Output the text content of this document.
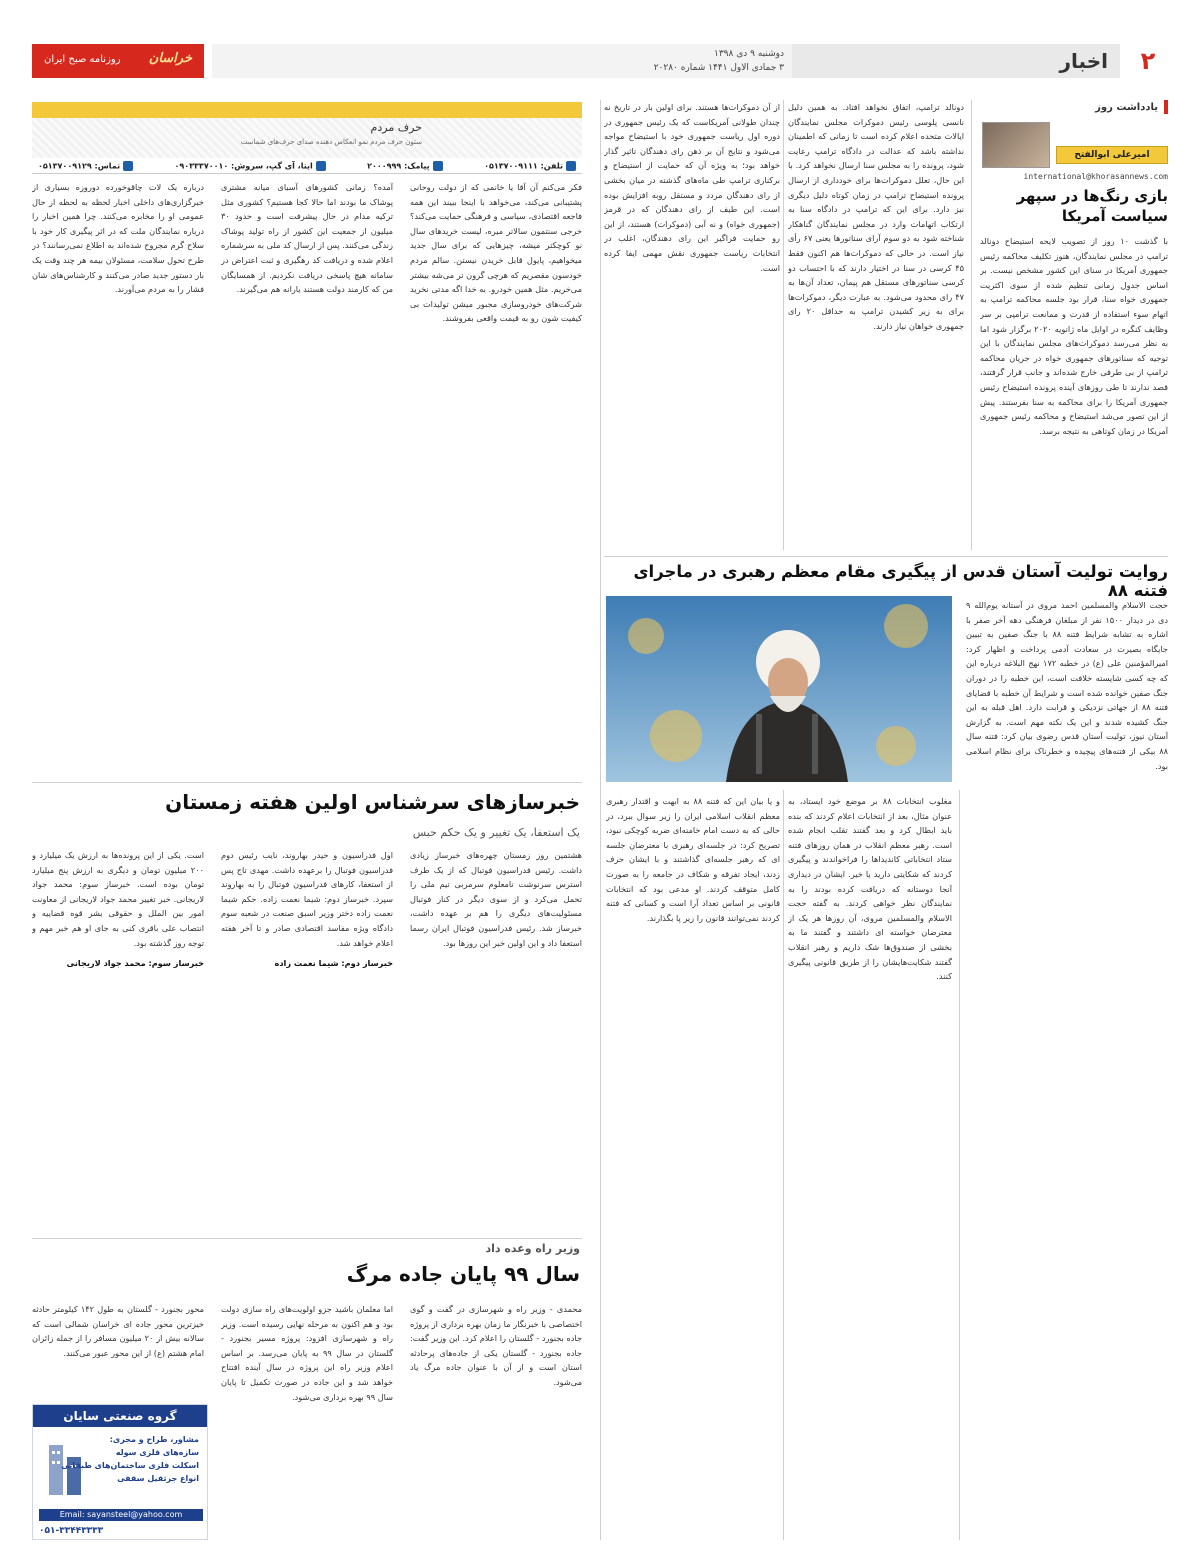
۲
اخبار
دوشنبه ۹ دی ۱۳۹۸
۳ جمادی الاول ۱۴۴۱ شماره ۲۰۲۸۰
خراسان
روزنامه صبح ایران
یادداشت روز
امیرعلی ابوالفتح
international@khorasannews.com
بازی رنگ‌ها در سپهر سیاست آمریکا

با گذشت ۱۰ روز از تصویب لایحه استیضاح دونالد ترامپ در مجلس نمایندگان، هنوز تکلیف محاکمه رئیس جمهوری آمریکا در سنای این کشور مشخص نیست. بر اساس جدول زمانی تنظیم شده از سوی اکثریت جمهوری خواه سنا، قرار بود جلسه محاکمه ترامپ به اتهام سوء استفاده از قدرت و ممانعت ترامپی بر سر وظایف کنگره در اوایل ماه ژانویه ۲۰۲۰ برگزار شود اما به نظر می‌رسد دموکرات‌های مجلس نمایندگان با این توجیه که سناتورهای جمهوری خواه در جریان محاکمه ترامپ از بی طرفی خارج شده‌اند و جانب قرار گرفتند، قصد ندارند تا طی روزهای آینده پرونده استیضاح رئیس جمهوری آمریکا را برای محاکمه به سنا بفرستند. پیش از این تصور می‌شد استیضاح و محاکمه رئیس جمهوری آمریکا در زمان کوتاهی به نتیجه برسد.

دونالد ترامپ، اتفاق نخواهد افتاد. به همین دلیل نانسی پلوسی رئیس دموکرات مجلس نمایندگان ایالات متحده اعلام کرده است تا زمانی که اطمینان نداشته باشد که عدالت در دادگاه ترامپ رعایت شود، پرونده را به مجلس سنا ارسال نخواهد کرد. با این حال، تعلل دموکرات‌ها برای خودداری از ارسال پرونده استیضاح ترامپ در زمان کوتاه دلیل دیگری نیز دارد. برای این که ترامپ در دادگاه سنا به ارتکاب اتهامات وارد در مجلس نمایندگان گناهکار شناخته شود به دو سوم آرای سناتورها یعنی ۶۷ رأی نیاز است. در حالی که دموکرات‌ها هم اکنون فقط ۴۵ کرسی در سنا در اختیار دارند که با احتساب دو کرسی سناتورهای مستقل هم پیمان، تعداد آن‌ها به ۴۷ رای محدود می‌شود. به عبارت دیگر، دموکرات‌ها برای به زیر کشیدن ترامپ به حداقل ۲۰ رای جمهوری خواهان نیاز دارند.

از آن دموکرات‌ها هستند. برای اولین بار در تاریخ نه چندان طولانی آمریکاست که یک رئیس جمهوری در دوره اول ریاست جمهوری خود با استیضاح مواجه می‌شود و نتایج آن بر ذهن رای دهندگان تاثیر گذار خواهد بود؛ به ویژه آن که حمایت از استیضاح و برکناری ترامپ طی ماه‌های گذشته در میان بخشی از رای دهندگان مردد و مستقل روبه افزایش بوده است. این طیف از رای دهندگان که در قرمز (جمهوری خواه) و نه آبی (دموکرات) هستند، از این رو حمایت فراگیر این رای دهندگان، اغلب در انتخابات ریاست جمهوری نقش مهمی ایفا کرده است.

حرف مردم
ستون حرف مردم نمو انعکاس دهنده صدای حرف‌های شماست
تلفن: ۰۵۱۳۷۰۰۹۱۱۱
پیامک: ۲۰۰۰۹۹۹
ایتا، آی گپ، سروش: ۰۹۰۳۳۳۷۰۰۱۰
تماس: ۰۵۱۳۷۰۰۹۱۲۹

فکر می‌کنم آن آقا یا خانمی که از دولت روحانی پشتیبانی می‌کند، می‌خواهد با اینجا ببیند این همه فاجعه اقتصادی، سیاسی و فرهنگی حمایت می‌کند؟ خرجی سنتمون سالاتر میره، لیست خریدهای سال نو کوچکتر میشه، چیزهایی که برای سال جدید میخواهیم، پایول قابل خریدن نیستن. سالم مردم خودسون مقصریم که هرچی گرون تر می‌شه بیشتر می‌خریم. مثل همین خودرو. به خدا اگه مدتی نخرید شرکت‌های خودروسازی مجبور میشن تولیدات بی کیفیت شون رو به قیمت واقعی بفروشند.

آمده؟ زمانی کشورهای آسیای میانه مشتری پوشاک ما بودند اما حالا کجا هستیم؟ کشوری مثل ترکیه مدام در حال پیشرفت است و حدود ۳۰ میلیون از جمعیت این کشور از راه تولید پوشاک زندگی می‌کنند. پس از ارسال کد ملی به سرشماره اعلام شده و دریافت کد رهگیری و ثبت اعتراض در سامانه هیچ پاسخی دریافت نکردیم. از همسایگان من که کارمند دولت هستند یارانه هم می‌گیرند.

درباره یک لات چاقوخورده دوروزه بسیاری از خبرگزاری‌های داخلی اخبار لحظه به لحظه از حال عمومی او را مخابره می‌کنند. چرا همین اخبار را درباره نمایندگان ملت که در اثر پیگیری کار خود با سلاح گرم مجروح شده‌اند به اطلاع نمی‌رسانند؟ در طرح تحول سلامت، مسئولان بیمه هر چند وقت یک بار دستور جدید صادر می‌کنند و کارشناس‌های شان فشار را به مردم می‌آورند.

روایت تولیت آستان قدس از پیگیری مقام معظم رهبری در ماجرای فتنه ۸۸

حجت الاسلام والمسلمین احمد مروی در آستانه یوم‌الله ۹ دی در دیدار ۱۵۰۰ نفر از مبلغان فرهنگی دهه آخر صفر با اشاره به تشابه شرایط فتنه ۸۸ با جنگ صفین به تبیین جایگاه بصیرت در سعادت آدمی پرداخت و اظهار کرد: امیرالمؤمنین علی (ع) در خطبه ۱۷۲ نهج البلاغه درباره این که چه کسی شایسته خلافت است، این خطبه را در دوران جنگ صفین خوانده شده است و شرایط آن خطبه با قضایای فتنه ۸۸ از جهاتی نزدیکی و قرابت دارد. اهل قبله به این جنگ کشیده شدند و این یک نکته مهم است. به گزارش آستان نیوز، تولیت آستان قدس رضوی بیان کرد: فتنه سال ۸۸ بیکی از فتنه‌های پیچیده و خطرناک برای نظام اسلامی بود.

مغلوب انتخابات ۸۸ بر موضع خود ایستاد، به عنوان مثال، بعد از انتخابات اعلام کردند که بنده باید ابطال کرد و بعد گفتند تقلب انجام شده است. رهبر معظم انقلاب در همان روزهای فتنه ستاد انتخاباتی کاندیداها را فراخواندند و پیگیری کردند که شکایتی دارید یا خیر. ایشان در دیداری آنجا دوستانه که دریافت کرده بودند را به نمایندگان نظر خواهی کردند. به گفته حجت الاسلام والمسلمین مروی، آن روزها هر یک از معترضان خواسته ای داشتند و گفتند ما به بخشی از صندوق‌ها شک داریم و رهبر انقلاب گفتند شکایت‌هایشان را از طریق قانونی پیگیری کنند.

و یا بیان این که فتنه ۸۸ به ابهت و اقتدار رهبری معظم انقلاب اسلامی ایران را زیر سوال ببرد، در حالی که به دست امام خامنه‌ای ضربه کوچکی نبود، تصریح کرد: در جلسه‌ای رهبری با معترضان جلسه ای که رهبر جلسه‌ای گذاشتند و با ایشان حرف زدند، ایجاد تفرقه و شکاف در جامعه را به صورت کامل متوقف کردند. او مدعی بود که انتخابات قانونی بر اساس تعداد آرا است و کسانی که فتنه کردند نمی‌توانند قانون را زیر پا بگذارند.

خبرسازهای سرشناس اولین هفته زمستان
یک استعفا، یک تغییر و یک حکم حبس

هشتمین روز زمستان چهره‌های خبرساز زیادی داشت. رئیس فدراسیون فوتبال که از یک طرف استرس سرنوشت نامعلوم سرمربی تیم ملی را تحمل می‌کرد و از سوی دیگر در کنار فوتبال مسئولیت‌های دیگری را هم بر عهده داشت، خبرساز شد. رئیس فدراسیون فوتبال ایران رسما استعفا داد و این اولین خبر این روزها بود.

اول فدراسیون و حیدر بهاروند، نایب رئیس دوم فدراسیون فوتبال را برعهده داشت. مهدی تاج پس از استعفا، کارهای فدراسیون فوتبال را به بهاروند سپرد. خبرساز دوم: شیما نعمت زاده. حکم شیما نعمت زاده دختر وزیر اسبق صنعت در شعبه سوم دادگاه ویژه مفاسد اقتصادی صادر و تا آخر هفته اعلام خواهد شد.

خبرساز دوم: شیما نعمت زاده

است. یکی از این پرونده‌ها به ارزش یک میلیارد و ۲۰۰ میلیون تومان و دیگری به ارزش پنج میلیارد تومان بوده است. خبرساز سوم: محمد جواد لاریجانی. خبر تغییر محمد جواد لاریجانی از معاونت امور بین الملل و حقوقی بشر قوه قضاییه و انتصاب علی باقری کنی به جای او هم خبر مهم و توجه روز گذشته بود.

خبرساز سوم: محمد جواد لاریجانی

وزیر راه وعده داد
سال ۹۹ پایان جاده مرگ

محمدی - وزیر راه و شهرسازی در گفت و گوی اختصاصی با خبرنگار ما زمان بهره برداری از پروژه جاده بجنورد - گلستان را اعلام کرد. این وزیر گفت: جاده بجنورد - گلستان یکی از جاده‌های پرحادثه استان است و از آن با عنوان جاده مرگ یاد می‌شود.

اما معلمان باشید جزو اولویت‌های راه سازی دولت بود و هم اکنون به مرحله نهایی رسیده است. وزیر راه و شهرسازی افزود: پروژه مسیر بجنورد - گلستان در سال ۹۹ به پایان می‌رسد. بر اساس اعلام وزیر راه این پروژه در سال آینده افتتاح خواهد شد و این جاده در صورت تکمیل تا پایان سال ۹۹ بهره برداری می‌شود.

محور بجنورد - گلستان به طول ۱۴۲ کیلومتر حادثه خیزترین محور جاده ای خراسان شمالی است که سالانه بیش از ۲۰ میلیون مسافر را از جمله زائران امام هشتم (ع) از این محور عبور می‌کنند.

گروه صنعتی سایان
مشاور، طراح و مجری:
سازه‌های فلزی سوله
اسکلت فلزی ساختمان‌های طبقاتی
انواع جرثقیل سقفی
Email: sayansteel@yahoo.com
۰۵۱-۳۳۴۴۳۳۳۳
